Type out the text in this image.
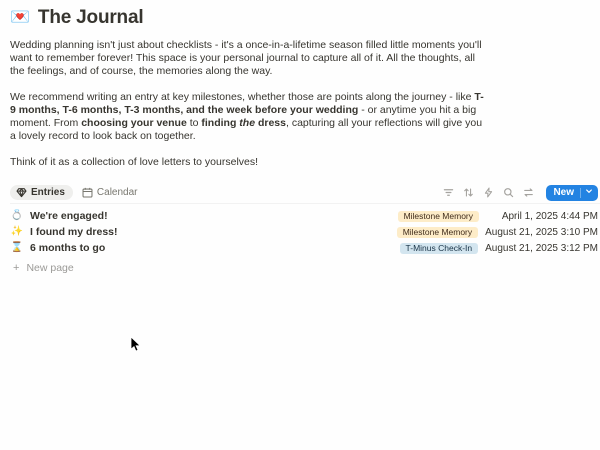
💌 The Journal

Wedding planning isn't just about checklists - it's a once-in-a-lifetime season filled little moments you'll want to remember forever! This space is your personal journal to capture all of it. All the thoughts, all the feelings, and of course, the memories along the way.

We recommend writing an entry at key milestones, whether those are points along the journey - like T-9 months, T-6 months, T-3 months, and the week before your wedding - or anytime you hit a big moment. From choosing your venue to finding the dress, capturing all your reflections will give you a lovely record to look back on together.

Think of it as a collection of love letters to yourselves!

Entries	Calendar	New
💍 We're engaged!	Milestone Memory	April 1, 2025 4:44 PM
✨ I found my dress!	Milestone Memory	August 21, 2025 3:10 PM
⌛ 6 months to go	T-Minus Check-In	August 21, 2025 3:12 PM
+ New page
